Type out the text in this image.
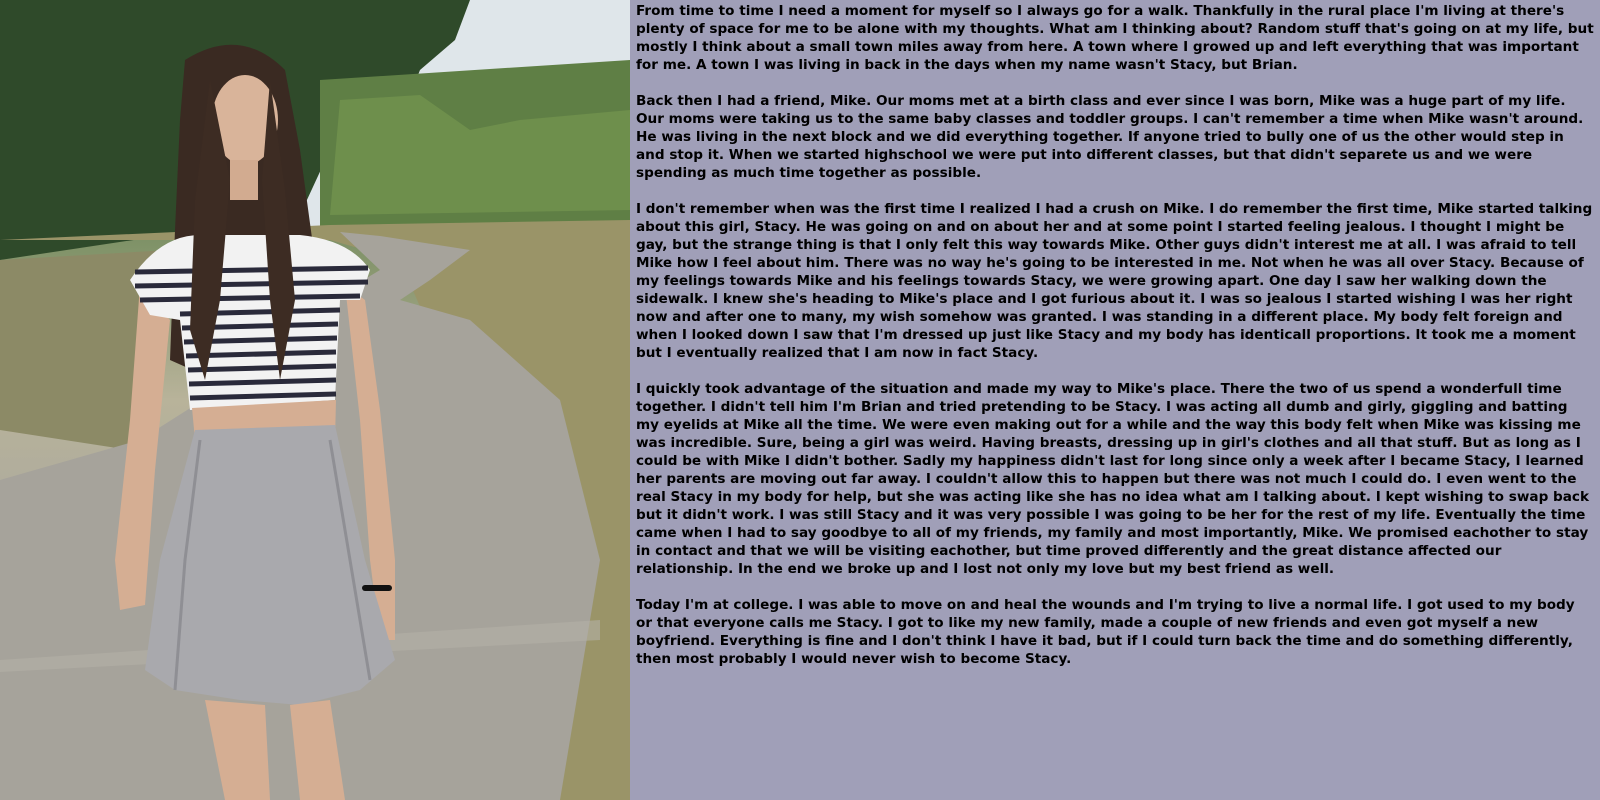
From time to time I need a moment for myself so I always go for a walk. Thankfully in the rural place I'm living at there's plenty of space for me to be alone with my thoughts. What am I thinking about? Random stuff that's going on at my life, but mostly I think about a small town miles away from here. A town where I growed up and left everything that was important for me. A town I was living in back in the days when my name wasn't Stacy, but Brian.

Back then I had a friend, Mike. Our moms met at a birth class and ever since I was born, Mike was a huge part of my life. Our moms were taking us to the same baby classes and toddler groups. I can't remember a time when Mike wasn't around. He was living in the next block and we did everything together. If anyone tried to bully one of us the other would step in and stop it. When we started highschool we were put into different classes, but that didn't separete us and we were spending as much time together as possible.

I don't remember when was the first time I realized I had a crush on Mike. I do remember the first time, Mike started talking about this girl, Stacy. He was going on and on about her and at some point I started feeling jealous. I thought I might be gay, but the strange thing is that I only felt this way towards Mike. Other guys didn't interest me at all. I was afraid to tell Mike how I feel about him. There was no way he's going to be interested in me. Not when he was all over Stacy. Because of my feelings towards Mike and his feelings towards Stacy, we were growing apart. One day I saw her walking down the sidewalk. I knew she's heading to Mike's place and I got furious about it. I was so jealous I started wishing I was her right now and after one to many, my wish somehow was granted. I was standing in a different place. My body felt foreign and when I looked down I saw that I'm dressed up just like Stacy and my body has identicall proportions. It took me a moment but I eventually realized that I am now in fact Stacy.

I quickly took advantage of the situation and made my way to Mike's place. There the two of us spend a wonderfull time together. I didn't tell him I'm Brian and tried pretending to be Stacy. I was acting all dumb and girly, giggling and batting my eyelids at Mike all the time. We were even making out for a while and the way this body felt when Mike was kissing me was incredible. Sure, being a girl was weird. Having breasts, dressing up in girl's clothes and all that stuff. But as long as I could be with Mike I didn't bother. Sadly my happiness didn't last for long since only a week after I became Stacy, I learned her parents are moving out far away. I couldn't allow this to happen but there was not much I could do. I even went to the real Stacy in my body for help, but she was acting like she has no idea what am I talking about. I kept wishing to swap back but it didn't work. I was still Stacy and it was very possible I was going to be her for the rest of my life. Eventually the time came when I had to say goodbye to all of my friends, my family and most importantly, Mike. We promised eachother to stay in contact and that we will be visiting eachother, but time proved differently and the great distance affected our relationship. In the end we broke up and I lost not only my love but my best friend as well.

Today I'm at college. I was able to move on and heal the wounds and I'm trying to live a normal life. I got used to my body or that everyone calls me Stacy. I got to like my new family, made a couple of new friends and even got myself a new boyfriend. Everything is fine and I don't think I have it bad, but if I could turn back the time and do something differently, then most probably I would never wish to become Stacy.
